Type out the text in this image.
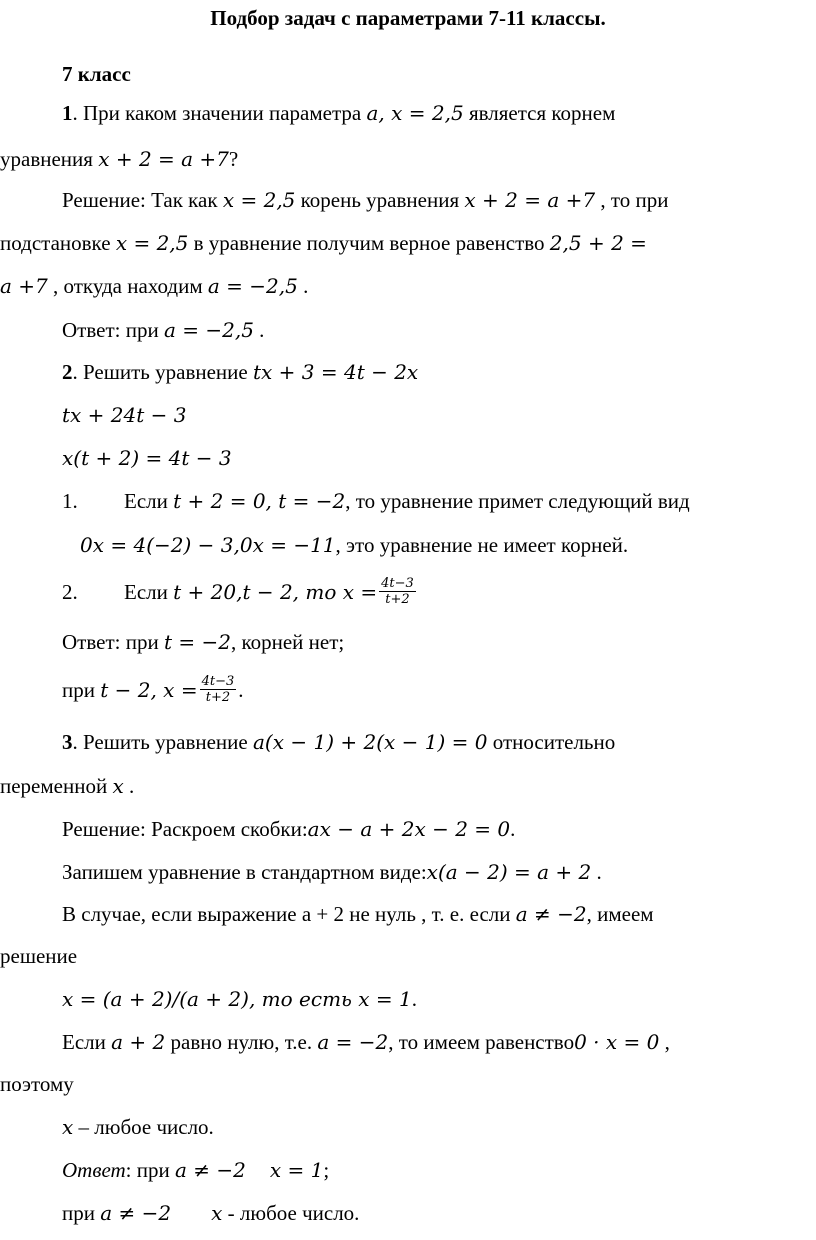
Подбор задач с параметрами 7-11 классы.
7 класс
1. При каком значении параметра a, x = 2,5 является корнем
уравнения x + 2 = a +7?
Решение: Так как x = 2,5 корень уравнения x + 2 = a +7 , то при
подстановке x = 2,5 в уравнение получим верное равенство 2,5 + 2 =
a +7 , откуда находим a = −2,5 .
Ответ: при a = −2,5 .
2. Решить уравнение tx + 3 = 4t − 2x
tx + 24t − 3
x(t + 2) = 4t − 3
1. Если t + 2 = 0, t = −2, то уравнение примет следующий вид
0x = 4(−2) − 3,0x = −11, это уравнение не имеет корней.
2. Если t + 20,t − 2, то $x = \frac{4t-3}{t+2}$
Ответ: при t = −2, корней нет;
при t − 2, $x = \frac{4t-3}{t+2}$ .
3. Решить уравнение a(x − 1) + 2(x − 1) = 0 относительно
переменной x .
Решение: Раскроем скобки:ax − a + 2x − 2 = 0.
Запишем уравнение в стандартном виде:x(a − 2) = a + 2 .
В случае, если выражение а + 2 не нуль , т. е. если a ≠ −2, имеем
решение
x = (a + 2)/(a + 2), то есть x = 1.
Если a + 2 равно нулю, т.е. a = −2, то имеем равенство0 · x = 0 ,
поэтому
x – любое число.
Ответ: при a ≠ −2 x = 1;
при a ≠ −2 x - любое число.
